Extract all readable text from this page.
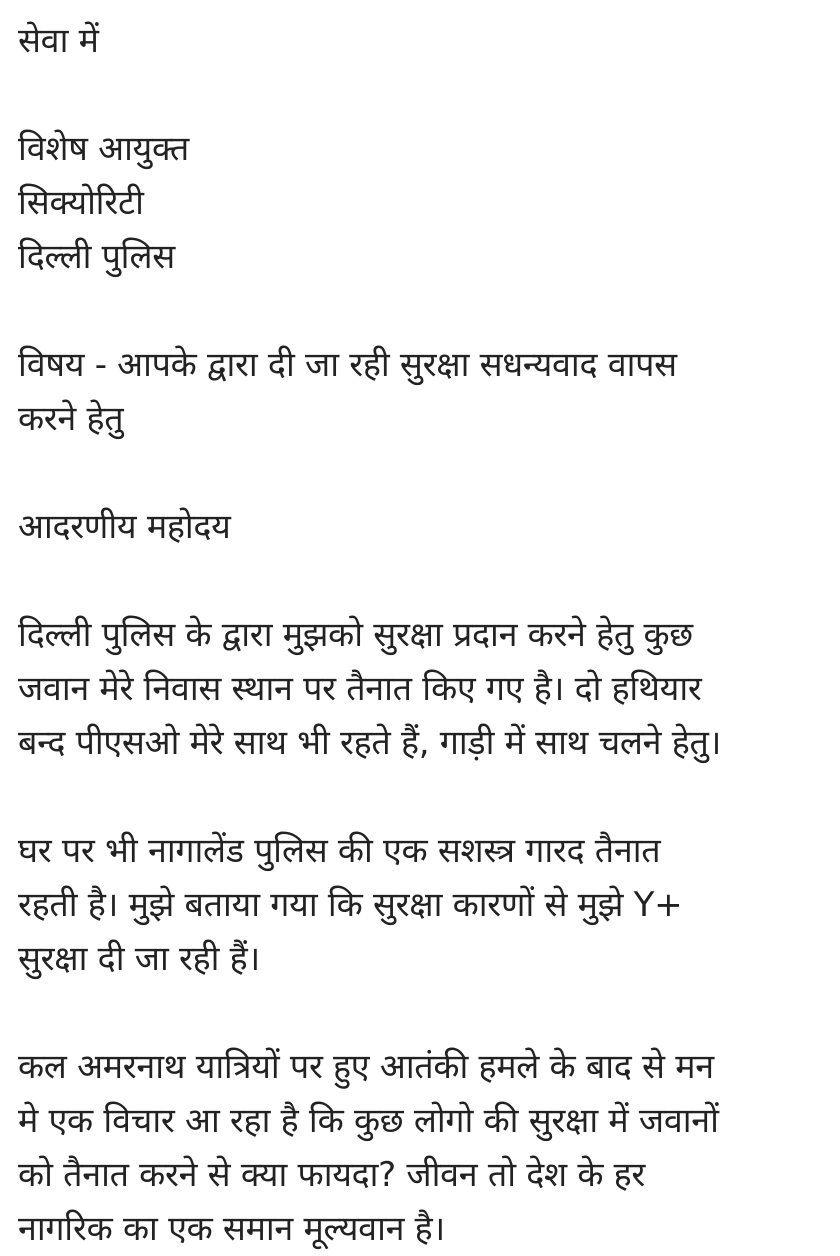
सेवा में
विशेष आयुक्त
सिक्योरिटी
दिल्ली पुलिस
विषय - आपके द्वारा दी जा रही सुरक्षा सधन्यवाद वापस
करने हेतु
आदरणीय महोदय
दिल्ली पुलिस के द्वारा मुझको सुरक्षा प्रदान करने हेतु कुछ
जवान मेरे निवास स्थान पर तैनात किए गए है। दो हथियार
बन्द पीएसओ मेरे साथ भी रहते हैं, गाड़ी में साथ चलने हेतु।
घर पर भी नागालेंड पुलिस की एक सशस्त्र गारद तैनात
रहती है। मुझे बताया गया कि सुरक्षा कारणों से मुझे Y+
सुरक्षा दी जा रही हैं।
कल अमरनाथ यात्रियों पर हुए आतंकी हमले के बाद से मन
मे एक विचार आ रहा है कि कुछ लोगो की सुरक्षा में जवानों
को तैनात करने से क्या फायदा? जीवन तो देश के हर
नागरिक का एक समान मूल्यवान है।
